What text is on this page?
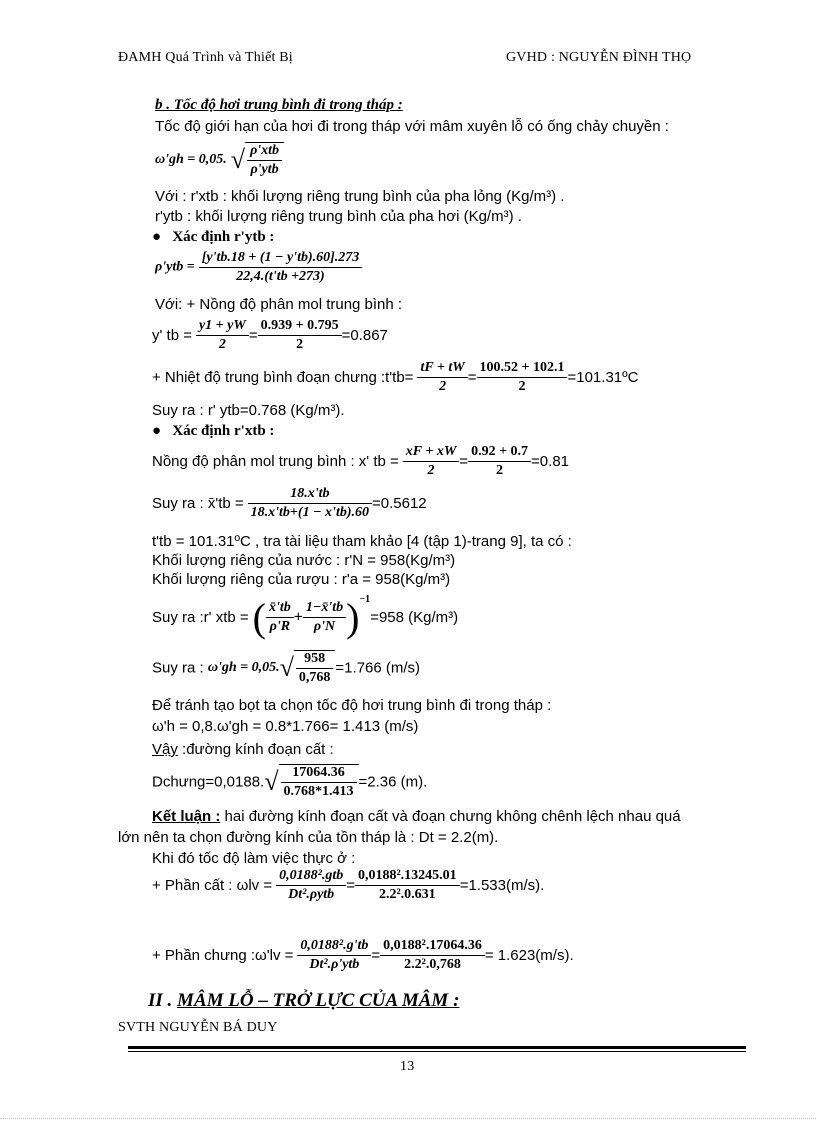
ĐAMH Quá Trình và Thiết Bị	GVHD : NGUYỄN ĐÌNH THỌ
b . Tốc độ hơi trung bình đi trong tháp :
Tốc độ giới hạn của hơi đi trong tháp với mâm xuyên lỗ có ống chảy chuyền :
ω'gh = 0,05. √ $\frac{\text{ρ'xtb}}{\text{ρ'ytb}}$
Với : r'xtb : khối lượng riêng trung bình của pha lỏng (Kg/m³) .
r'ytb : khối lượng riêng trung bình của pha hơi (Kg/m³) .
●   Xác định r'ytb :
$\rho'ytb = \frac{[y'tb.18 + (1 - y'tb).60].273}{22,4.(t'tb +273)}$
Với: + Nồng độ phân mol trung bình :
y' tb = $\frac{y1 + yW}{2} = \frac{0.939 + 0.795}{2} =0.867$
+ Nhiệt độ trung bình đoạn chưng :t'tb= $\frac{tF + tW}{2} = \frac{100.52 + 102.1}{2}$ =101.31ºC
Suy ra : r' ytb=0.768 (Kg/m³).
●   Xác định r'xtb :
Nồng độ phân mol trung bình : x' tb = $\frac{xF + xW}{2} = \frac{0.92 + 0.7}{2} =0.81$
Suy ra : x̄'tb = $\frac{18.x'tb}{18.x'tb+(1 - x'tb).60} =0.5612$
t'tb = 101.31ºC , tra tài liệu tham khảo [4 (tập 1)-trang 9], ta có :
Khối lượng riêng của nước : r'N = 958(Kg/m³)
Khối lượng riêng của rượu : r'a = 958(Kg/m³)
Suy ra :r' xtb = ( $\frac{x̄'tb}{\rho'R} + \frac{1-x̄'tb}{\rho'N} )^{-1}=958$ (Kg/m³)
Suy ra : $\omega'gh = 0,05.√ \frac{958}{0,768} =1.766$ (m/s)
Để tránh tạo bọt ta chọn tốc độ hơi trung bình đi trong tháp :
ω'h = 0,8.ω'gh = 0.8*1.766= 1.413 (m/s)
Vậy :đường kính đoạn cất :
Dchưng=0,0188.√ $\frac{17064.36}{0.768*1.413} =2.36$ (m).
Kết luận : hai đường kính đoạn cất và đoạn chưng không chênh lệch nhau quá
lớn nên ta chọn đường kính của tồn tháp là : Dt = 2.2(m).
Khi đó tốc độ làm việc thực ở :
+ Phần cất : $\omega lv = \frac{\text{0,0188².gtb}}{\text{Dt².ρytb}} = \frac{\text{0,0188².13245.01}}{\text{2.2².0.631}} =1.533(m/s)$.
+ Phần chưng :ω'lv = $\frac{\text{0,0188².g'tb}}{\text{Dt².ρ'ytb}} = \frac{\text{0,0188².17064.36}}{\text{2.2².0,768}} = 1.623(m/s)$.
II . MÂM LỖ – TRỞ LỰC CỦA MÂM :
SVTH NGUYỄN BÁ DUY
13
